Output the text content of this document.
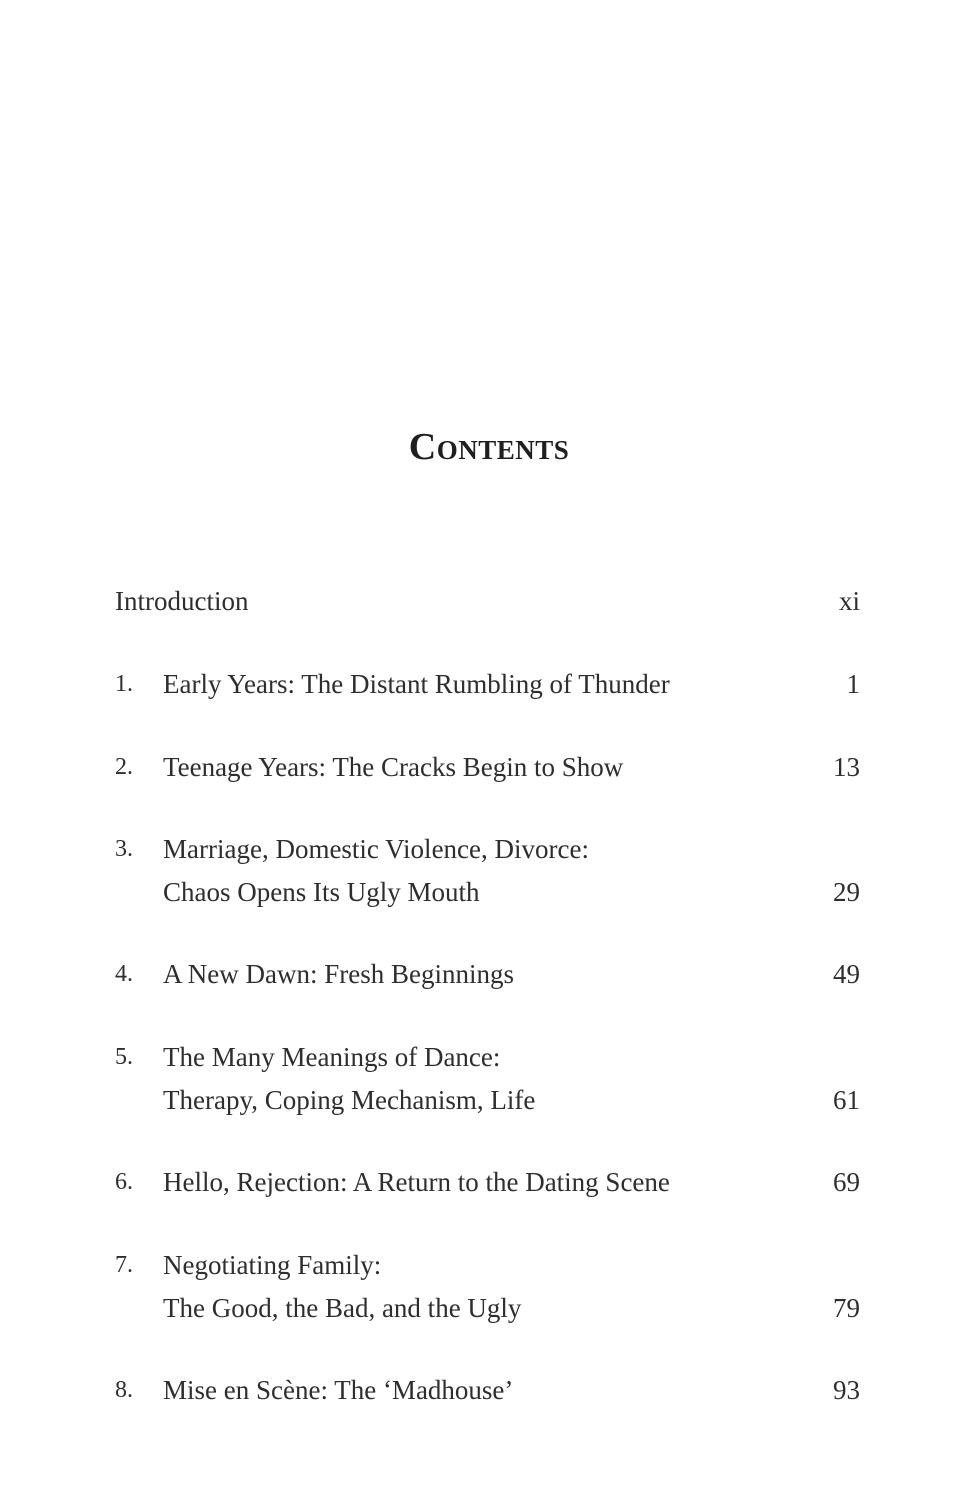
Contents
Introduction	xi
1.	Early Years: The Distant Rumbling of Thunder	1
2.	Teenage Years: The Cracks Begin to Show	13
3.	Marriage, Domestic Violence, Divorce:
Chaos Opens Its Ugly Mouth	29
4.	A New Dawn: Fresh Beginnings	49
5.	The Many Meanings of Dance:
Therapy, Coping Mechanism, Life	61
6.	Hello, Rejection: A Return to the Dating Scene	69
7.	Negotiating Family:
The Good, the Bad, and the Ugly	79
8.	Mise en Scène: The ‘Madhouse’	93
